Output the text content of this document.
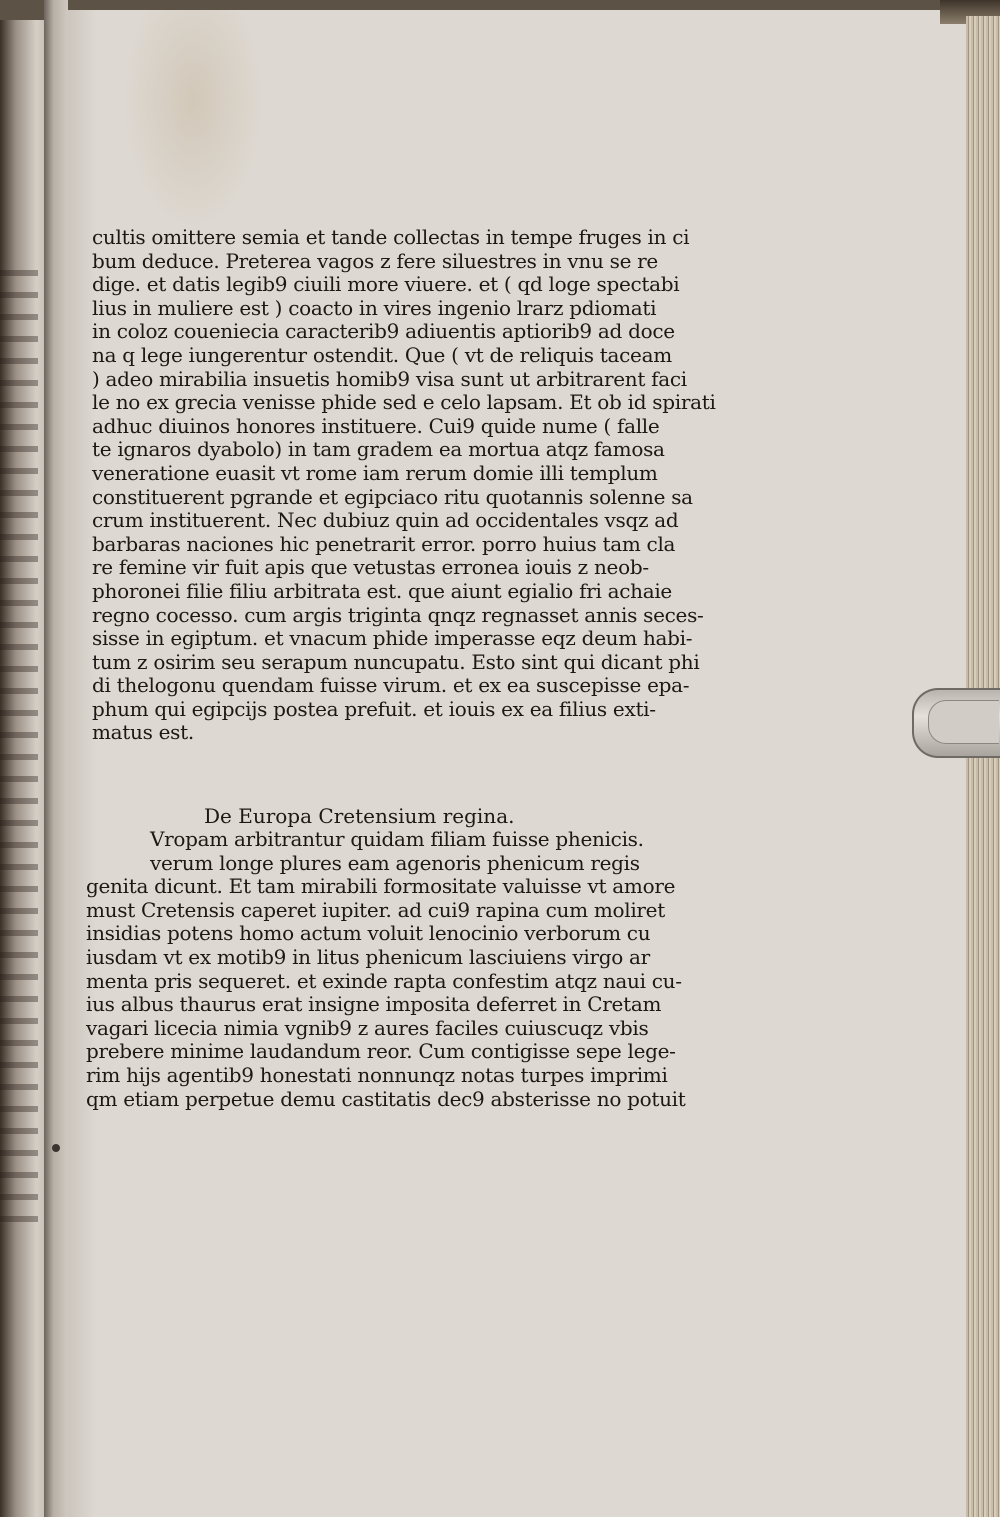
cultis omittere semia et tande collectas in tempe fruges in ci
bum deduce. Preterea vagos z fere siluestres in vnu se re
dige. et datis legib9 ciuili more viuere. et ( qd loge spectabi
lius in muliere est ) coacto in vires ingenio lrarz pdiomati
in coloz coueniecia caracterib9 adiuentis aptiorib9 ad doce
na q lege iungerentur ostendit. Que ( vt de reliquis taceam
) adeo mirabilia insuetis homib9 visa sunt ut arbitrarent faci
le no ex grecia venisse phide sed e celo lapsam. Et ob id spirati
adhuc diuinos honores instituere. Cui9 quide nume ( falle
te ignaros dyabolo) in tam gradem ea mortua atqz famosa
veneratione euasit vt rome iam rerum domie illi templum
constituerent pgrande et egipciaco ritu quotannis solenne sa
crum instituerent. Nec dubiuz quin ad occidentales vsqz ad
barbaras naciones hic penetrarit error. porro huius tam cla
re femine vir fuit apis que vetustas erronea iouis z neob-
phoronei filie filiu arbitrata est. que aiunt egialio fri achaie
regno cocesso. cum argis triginta qnqz regnasset annis seces-
sisse in egiptum. et vnacum phide imperasse eqz deum habi-
tum z osirim seu serapum nuncupatu. Esto sint qui dicant phi
di thelogonu quendam fuisse virum. et ex ea suscepisse epa-
phum qui egipcijs postea prefuit. et iouis ex ea filius exti-
matus est.
De Europa Cretensium regina.
Vropam arbitrantur quidam filiam fuisse phenicis.
verum longe plures eam agenoris phenicum regis
genita dicunt. Et tam mirabili formositate valuisse vt amore
must Cretensis caperet iupiter. ad cui9 rapina cum moliret
insidias potens homo actum voluit lenocinio verborum cu
iusdam vt ex motib9 in litus phenicum lasciuiens virgo ar
menta pris sequeret. et exinde rapta confestim atqz naui cu-
ius albus thaurus erat insigne imposita deferret in Cretam
vagari licecia nimia vgnib9 z aures faciles cuiuscuqz vbis
prebere minime laudandum reor. Cum contigisse sepe lege-
rim hijs agentib9 honestati nonnunqz notas turpes imprimi
qm etiam perpetue demu castitatis dec9 absterisse no potuit
